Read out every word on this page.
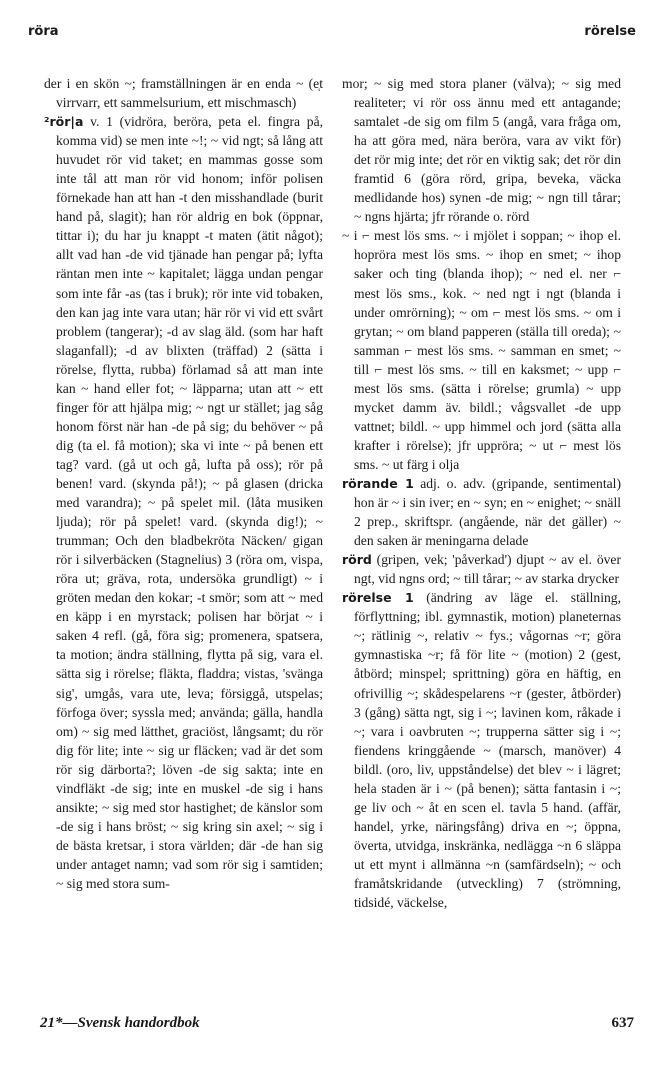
röra	rörelse

der i en skön ~; framställningen är en enda ~ (e̜t virrvarr, ett sammelsurium, ett mischmasch)

²rör|a v. 1 (vidröra, beröra, peta el. fingra på, komma vid) se men inte ~!; ~ vid ngt; så lång att huvudet rör vid taket; en mammas gosse som inte tål att man rör vid honom; inför polisen förnekade han att han -t den misshandlade (burit hand på, slagit); han rör aldrig en bok (öppnar, tittar i); du har ju knappt -t maten (ätit något); allt vad han -de vid tjänade han pengar på; lyfta räntan men inte ~ kapitalet; lägga undan pengar som inte får -as (tas i bruk); rör inte vid tobaken, den kan jag inte vara utan; här rör vi vid ett svårt problem (tangerar); -d av slag äld. (som har haft slaganfall); -d av blixten (träffad) 2 (sätta i rörelse, flytta, rubba) förlamad så att man inte kan ~ hand eller fot; ~ läpparna; utan att ~ ett finger för att hjälpa mig; ~ ngt ur stället; jag såg honom först när han -de på sig; du behöver ~ på dig (ta el. få motion); ska vi inte ~ på benen ett tag? vard. (gå ut och gå, lufta på oss); rör på benen! vard. (skynda på!); ~ på glasen (dricka med varandra); ~ på spelet mil. (låta musiken ljuda); rör på spelet! vard. (skynda dig!); ~ trumman; Och den bladbekröta Näcken/ gigan rör i silverbäcken (Stagnelius) 3 (röra om, vispa, röra ut; gräva, rota, undersöka grundligt) ~ i gröten medan den kokar; -t smör; som att ~ med en käpp i en myrstack; polisen har börjat ~ i saken 4 refl. (gå, föra sig; promenera, spatsera, ta motion; ändra ställning, flytta på sig, vara el. sätta sig i rörelse; fläkta, fladdra; vistas, 'svänga sig', umgås, vara ute, leva; försiggå, utspelas; förfoga över; syssla med; använda; gälla, handla om) ~ sig med lätthet, graciöst, långsamt; du rör dig för lite; inte ~ sig ur fläcken; vad är det som rör sig därborta?; löven -de sig sakta; inte en vindfläkt -de sig; inte en muskel -de sig i hans ansikte; ~ sig med stor hastighet; de känslor som -de sig i hans bröst; ~ sig kring sin axel; ~ sig i de bästa kretsar, i stora världen; där -de han sig under antaget namn; vad som rör sig i samtiden; ~ sig med stora sum-

mor; ~ sig med stora planer (välva); ~ sig med realiteter; vi rör oss ännu med ett antagande; samtalet -de sig om film 5 (angå, vara fråga om, ha att göra med, nära beröra, vara av vikt för) det rör mig inte; det rör en viktig sak; det rör din framtid 6 (göra rörd, gripa, beveka, väcka medlidande hos) synen -de mig; ~ ngn till tårar; ~ ngns hjärta; jfr rörande o. rörd

~ i ⌐ mest lös sms. ~ i mjölet i soppan; ~ ihop el. hopröra mest lös sms. ~ ihop en smet; ~ ihop saker och ting (blanda ihop); ~ ned el. ner ⌐ mest lös sms., kok. ~ ned ngt i ngt (blanda i under omrörning); ~ om ⌐ mest lös sms. ~ om i grytan; ~ om bland papperen (ställa till oreda); ~ samman ⌐ mest lös sms. ~ samman en smet; ~ till ⌐ mest lös sms. ~ till en kaksmet; ~ upp ⌐ mest lös sms. (sätta i rörelse; grumla) ~ upp mycket damm äv. bildl.; vågsvallet -de upp vattnet; bildl. ~ upp himmel och jord (sätta alla krafter i rörelse); jfr uppröra; ~ ut ⌐ mest lös sms. ~ ut färg i olja

rörande 1 adj. o. adv. (gripande, sentimental) hon är ~ i sin iver; en ~ syn; en ~ enighet; ~ snäll 2 prep., skriftspr. (angående, när det gäller) ~ den saken är meningarna delade

rörd (gripen, vek; 'påverkad') djupt ~ av el. över ngt, vid ngns ord; ~ till tårar; ~ av starka drycker

rörelse 1 (ändring av läge el. ställning, förflyttning; ibl. gymnastik, motion) planeternas ~; rätlinig ~, relativ ~ fys.; vågornas ~r; göra gymnastiska ~r; få för lite ~ (motion) 2 (gest, åtbörd; minspel; sprittning) göra en häftig, en ofrivillig ~; skådespelarens ~r (gester, åtbörder) 3 (gång) sätta ngt, sig i ~; lavinen kom, råkade i ~; vara i oavbruten ~; trupperna sätter sig i ~; fiendens kringgående ~ (marsch, manöver) 4 bildl. (oro, liv, uppståndelse) det blev ~ i lägret; hela staden är i ~ (på benen); sätta fantasin i ~; ge liv och ~ åt en scen el. tavla 5 hand. (affär, handel, yrke, näringsfång) driva en ~; öppna, överta, utvidga, inskränka, nedlägga ~n 6 släppa ut ett mynt i allmänna ~n (samfärdseln); ~ och framåtskridande (utveckling) 7 (strömning, tidsidé, väckelse,

21*—Svensk handordbok	637
